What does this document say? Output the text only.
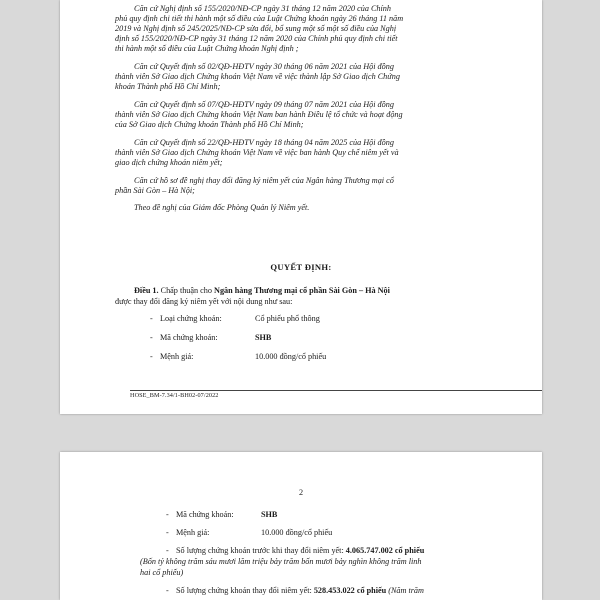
Căn cứ Nghị định số 155/2020/NĐ-CP ngày 31 tháng 12 năm 2020 của Chính
phủ quy định chi tiết thi hành một số điều của Luật Chứng khoán ngày 26 tháng 11 năm
2019 và Nghị định số 245/2025/NĐ-CP sửa đổi, bổ sung một số một số điều của Nghị
định số 155/2020/NĐ-CP ngày 31 tháng 12 năm 2020 của Chính phủ quy định chi tiết
thi hành một số điều của Luật Chứng khoán Nghị định ;
Căn cứ Quyết định số 02/QĐ-HĐTV ngày 30 tháng 06 năm 2021 của Hội đồng
thành viên Sở Giao dịch Chứng khoán Việt Nam về việc thành lập Sở Giao dịch Chứng
khoán Thành phố Hồ Chí Minh;
Căn cứ Quyết định số 07/QĐ-HĐTV ngày 09 tháng 07 năm 2021 của Hội đồng
thành viên Sở Giao dịch Chứng khoán Việt Nam ban hành Điều lệ tổ chức và hoạt động
của Sở Giao dịch Chứng khoán Thành phố Hồ Chí Minh;
Căn cứ Quyết định số 22/QĐ-HĐTV ngày 18 tháng 04 năm 2025 của Hội đồng
thành viên Sở Giao dịch Chứng khoán Việt Nam về việc ban hành Quy chế niêm yết và
giao dịch chứng khoán niêm yết;
Căn cứ hồ sơ đề nghị thay đổi đăng ký niêm yết của Ngân hàng Thương mại cổ
phần Sài Gòn – Hà Nội;
Theo đề nghị của Giám đốc Phòng Quản lý Niêm yết.
QUYẾT ĐỊNH:
Điều 1. Chấp thuận cho Ngân hàng Thương mại cổ phần Sài Gòn – Hà Nội
được thay đổi đăng ký niêm yết với nội dung như sau:
- Loại chứng khoán:	Cổ phiếu phổ thông
- Mã chứng khoán:	SHB
- Mệnh giá:	10.000 đồng/cổ phiếu
HOSE_BM-7.34/1-BH02-07/2022
2
- Mã chứng khoán:	SHB
- Mệnh giá:	10.000 đồng/cổ phiếu
- Số lượng chứng khoán trước khi thay đổi niêm yết: 4.065.747.002 cổ phiếu
(Bốn tỷ không trăm sáu mươi lăm triệu bảy trăm bốn mươi bảy nghìn không trăm linh
hai cổ phiếu)
- Số lượng chứng khoán thay đổi niêm yết: 528.453.022 cổ phiếu (Năm trăm
